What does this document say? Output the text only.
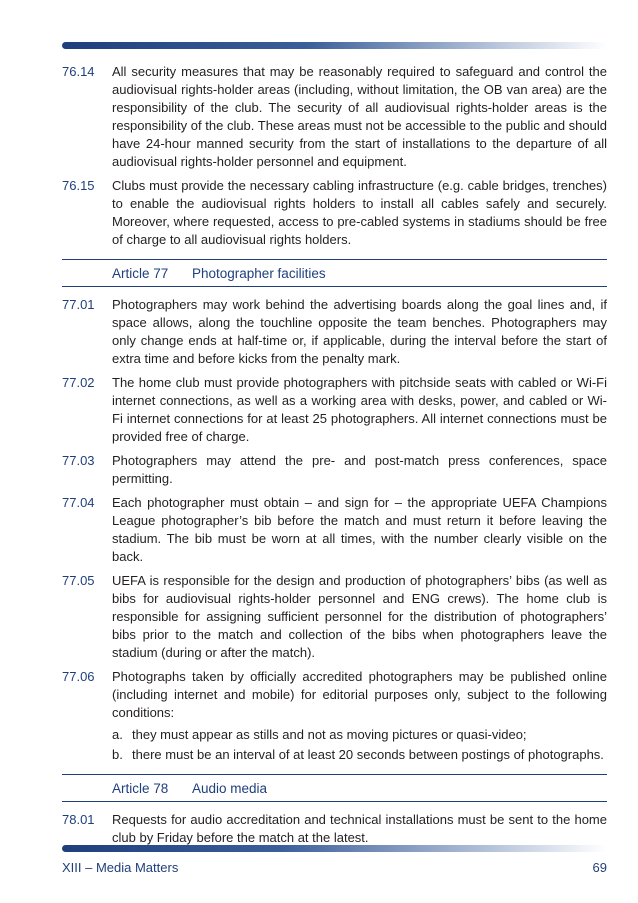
76.14	All security measures that may be reasonably required to safeguard and control the audiovisual rights-holder areas (including, without limitation, the OB van area) are the responsibility of the club. The security of all audiovisual rights-holder areas is the responsibility of the club. These areas must not be accessible to the public and should have 24-hour manned security from the start of installations to the departure of all audiovisual rights-holder personnel and equipment.
76.15	Clubs must provide the necessary cabling infrastructure (e.g. cable bridges, trenches) to enable the audiovisual rights holders to install all cables safely and securely. Moreover, where requested, access to pre-cabled systems in stadiums should be free of charge to all audiovisual rights holders.
Article 77 Photographer facilities
77.01	Photographers may work behind the advertising boards along the goal lines and, if space allows, along the touchline opposite the team benches. Photographers may only change ends at half-time or, if applicable, during the interval before the start of extra time and before kicks from the penalty mark.
77.02	The home club must provide photographers with pitchside seats with cabled or Wi-Fi internet connections, as well as a working area with desks, power, and cabled or Wi-Fi internet connections for at least 25 photographers. All internet connections must be provided free of charge.
77.03	Photographers may attend the pre- and post-match press conferences, space permitting.
77.04	Each photographer must obtain – and sign for – the appropriate UEFA Champions League photographer’s bib before the match and must return it before leaving the stadium. The bib must be worn at all times, with the number clearly visible on the back.
77.05	UEFA is responsible for the design and production of photographers’ bibs (as well as bibs for audiovisual rights-holder personnel and ENG crews). The home club is responsible for assigning sufficient personnel for the distribution of photographers’ bibs prior to the match and collection of the bibs when photographers leave the stadium (during or after the match).
77.06	Photographs taken by officially accredited photographers may be published online (including internet and mobile) for editorial purposes only, subject to the following conditions:
a. they must appear as stills and not as moving pictures or quasi-video;
b. there must be an interval of at least 20 seconds between postings of photographs.
Article 78 Audio media
78.01	Requests for audio accreditation and technical installations must be sent to the home club by Friday before the match at the latest.
XIII – Media Matters	69
